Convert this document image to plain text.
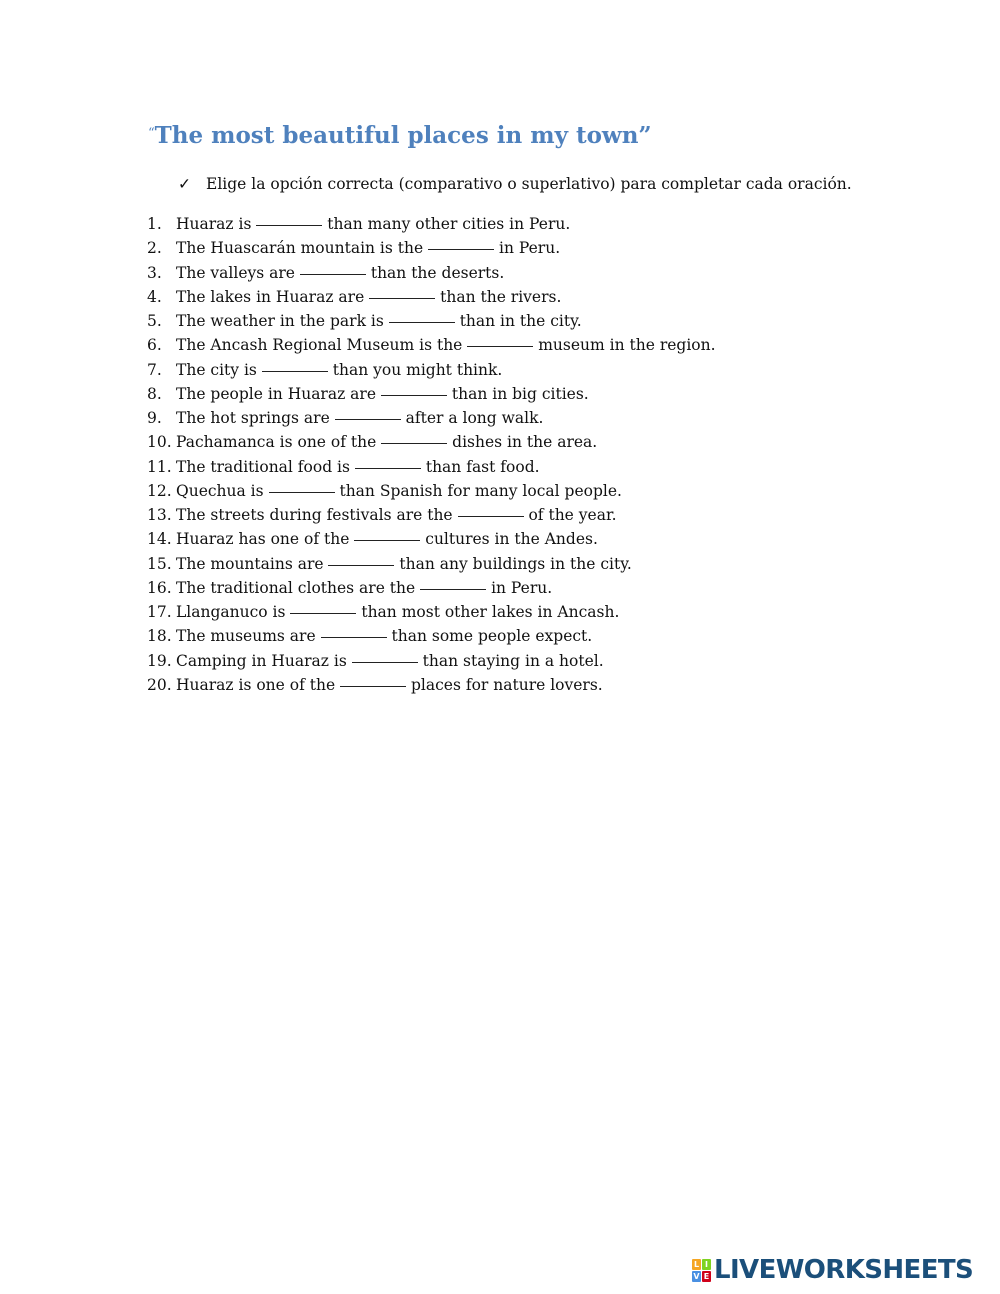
“The most beautiful places in my town”
✓ Elige la opción correcta (comparativo o superlativo) para completar cada oración.
1. Huaraz is	than many other cities in Peru.
2. The Huascarán mountain is the	in Peru.
3. The valleys are	than the deserts.
4. The lakes in Huaraz are	than the rivers.
5. The weather in the park is	than in the city.
6. The Ancash Regional Museum is the	museum in the region.
7. The city is	than you might think.
8. The people in Huaraz are	than in big cities.
9. The hot springs are	after a long walk.
10. Pachamanca is one of the	dishes in the area.
11. The traditional food is	than fast food.
12. Quechua is	than Spanish for many local people.
13. The streets during festivals are the	of the year.
14. Huaraz has one of the	cultures in the Andes.
15. The mountains are	than any buildings in the city.
16. The traditional clothes are the	in Peru.
17. Llanganuco is	than most other lakes in Ancash.
18. The museums are	than some people expect.
19. Camping in Huaraz is	than staying in a hotel.
20. Huaraz is one of the	places for nature lovers.
L I
V E LIVEWORKSHEETS
